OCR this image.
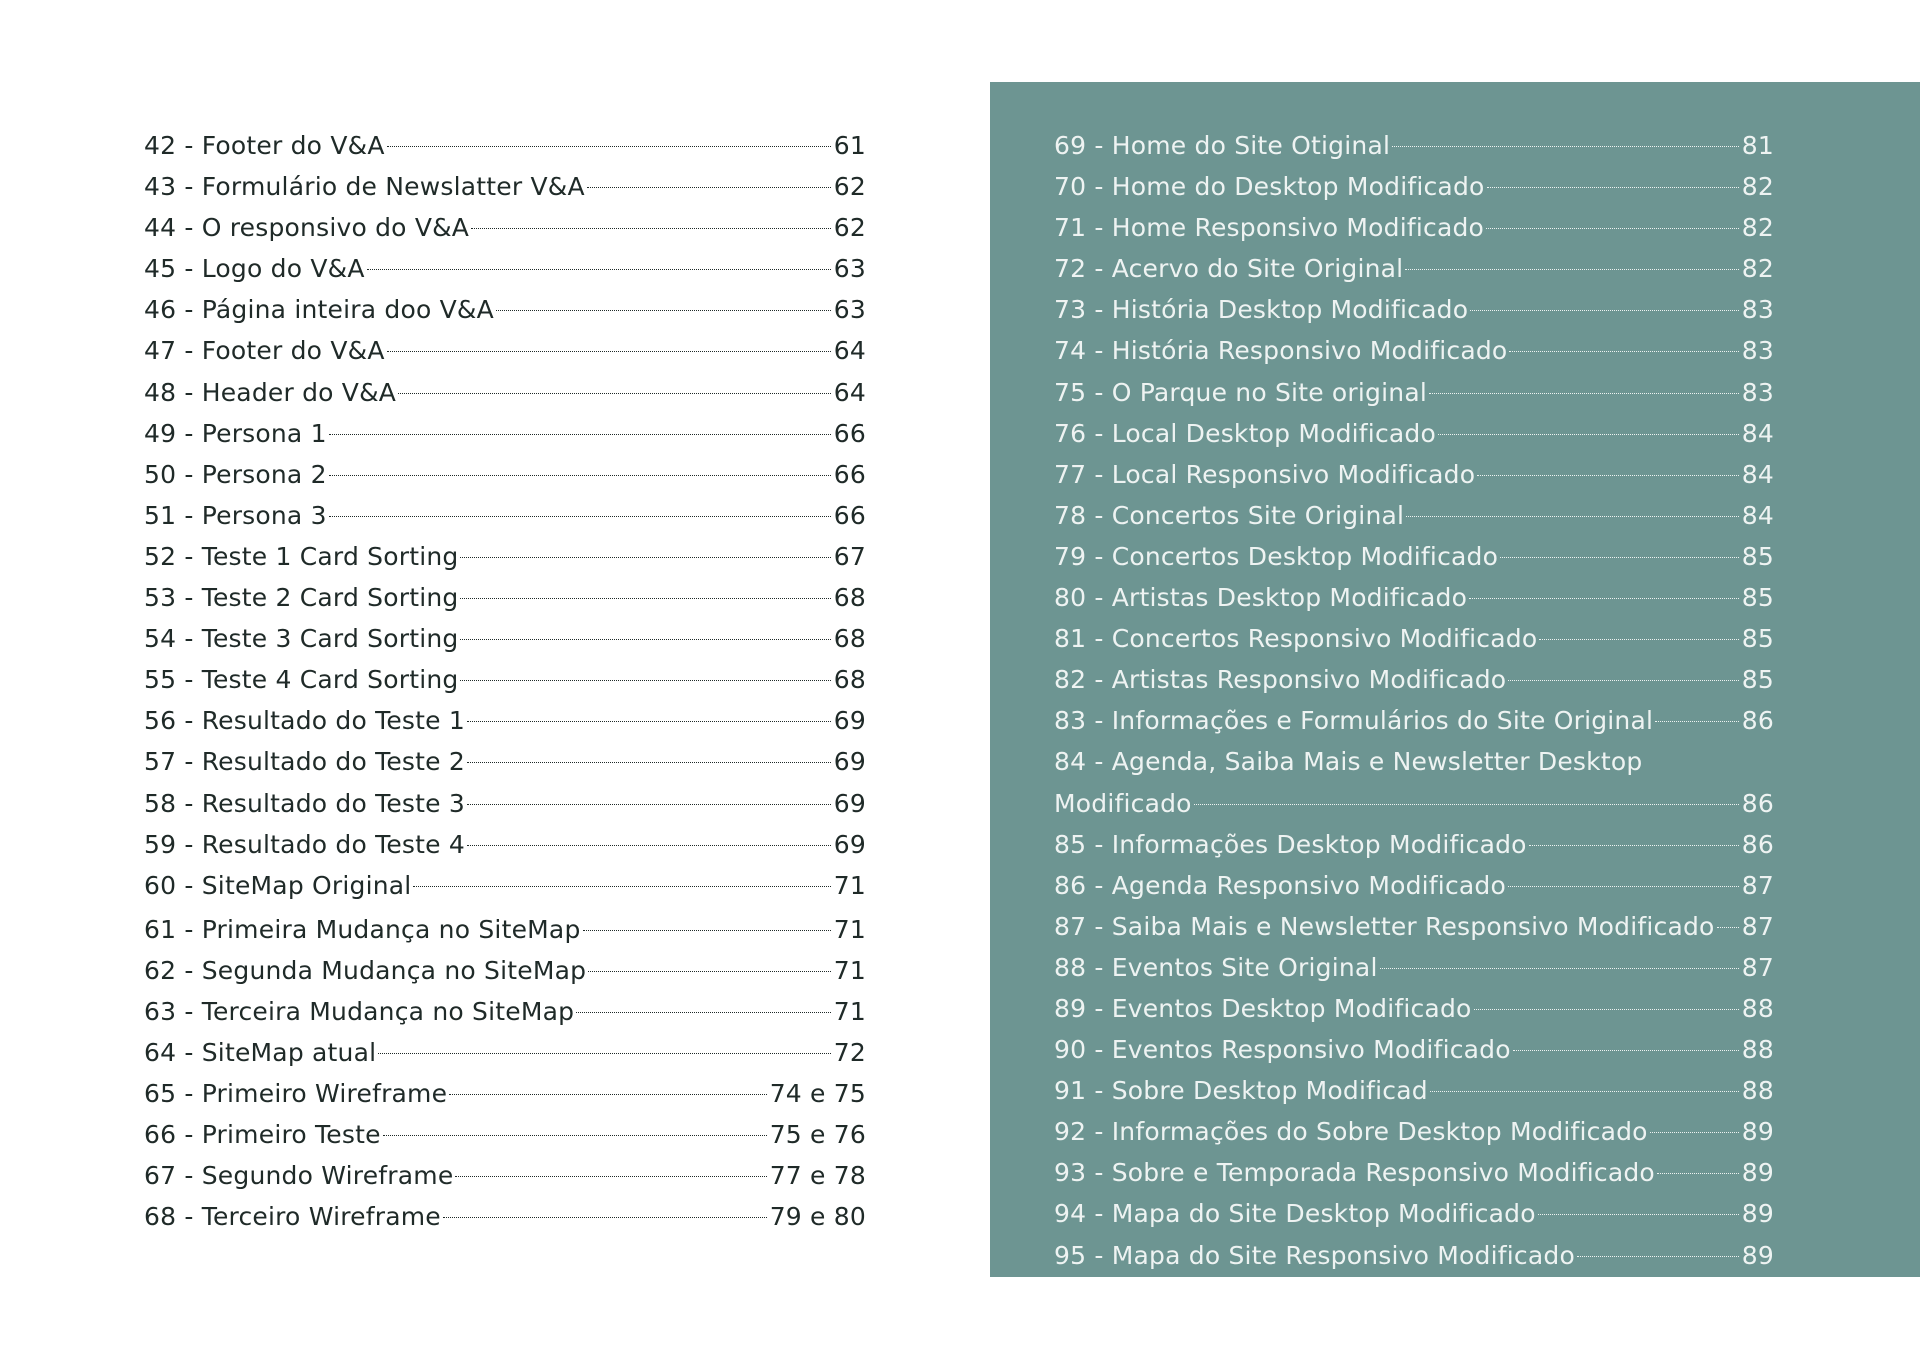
42 - Footer do V&A	61
43 - Formulário de Newslatter V&A	62
44 - O responsivo do V&A	62
45 - Logo do V&A	63
46 - Página inteira doo V&A	63
47 - Footer do V&A	64
48 - Header do V&A	64
49 - Persona 1	66
50 - Persona 2	66
51 - Persona 3	66
52 - Teste 1 Card Sorting	67
53 - Teste 2 Card Sorting	68
54 - Teste 3 Card Sorting	68
55 - Teste 4 Card Sorting	68
56 - Resultado do Teste 1	69
57 - Resultado do Teste 2	69
58 - Resultado do Teste 3	69
59 - Resultado do Teste 4	69
60 - SiteMap Original	71
61 - Primeira Mudança no SiteMap	71
62 - Segunda Mudança no SiteMap	71
63 - Terceira Mudança no SiteMap	71
64 - SiteMap atual	72
65 - Primeiro Wireframe	74 e 75
66 - Primeiro Teste	75 e 76
67 - Segundo Wireframe	77 e 78
68 - Terceiro Wireframe	79 e 80
69 - Home do Site Otiginal	81
70 - Home do Desktop Modificado	82
71 - Home Responsivo Modificado	82
72 - Acervo do Site Original	82
73 - História Desktop Modificado	83
74 - História Responsivo Modificado	83
75 - O Parque no Site original	83
76 - Local Desktop Modificado	84
77 - Local Responsivo Modificado	84
78 - Concertos Site Original	84
79 - Concertos Desktop Modificado	85
80 - Artistas Desktop Modificado	85
81 - Concertos Responsivo Modificado	85
82 - Artistas Responsivo Modificado	85
83 - Informações e Formulários do Site Original	86
84 - Agenda, Saiba Mais e Newsletter Desktop
Modificado	86
85 - Informações Desktop Modificado	86
86 - Agenda Responsivo Modificado	87
87 - Saiba Mais e Newsletter Responsivo Modificado 87
88 - Eventos Site Original	87
89 - Eventos Desktop Modificado	88
90 - Eventos Responsivo Modificado	88
91 - Sobre Desktop Modificad	88
92 - Informações do Sobre Desktop Modificado	89
93 - Sobre e Temporada Responsivo Modificado	89
94 - Mapa do Site Desktop Modificado	89
95 - Mapa do Site Responsivo Modificado	89
